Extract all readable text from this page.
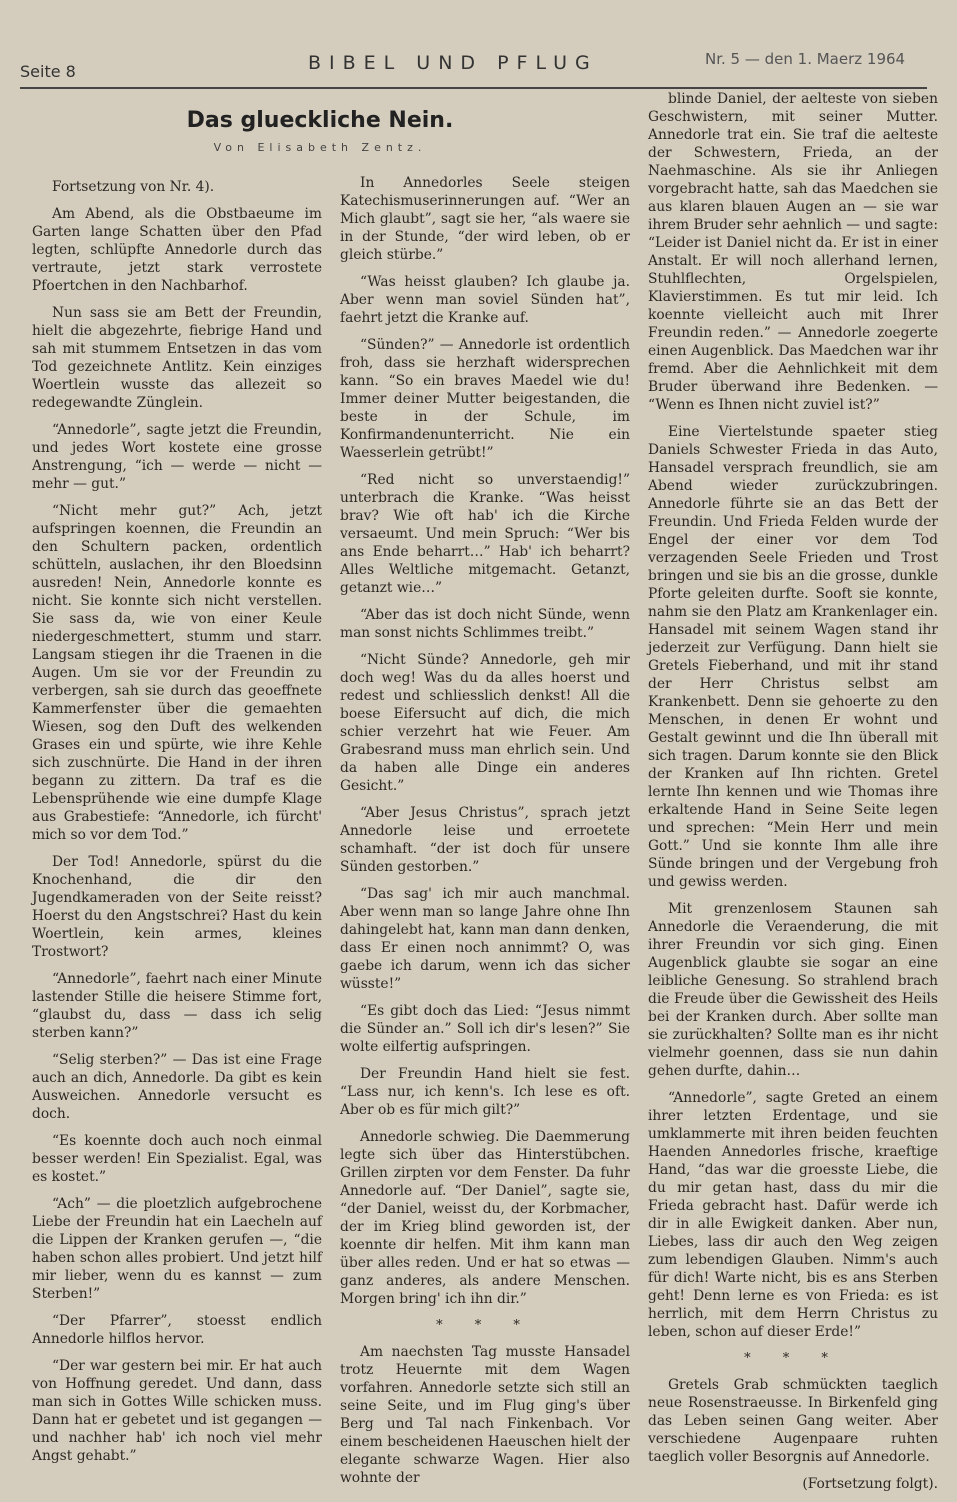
Seite 8	BIBEL UND PFLUG	Nr. 5 — den 1. Maerz 1964
Das glueckliche Nein.
Von Elisabeth Zentz.

Fortsetzung von Nr. 4).

Am Abend, als die Obstbaeume im Garten lange Schatten über den Pfad legten, schlüpfte Annedorle durch das vertraute, jetzt stark verrostete Pfoertchen in den Nachbarhof.

Nun sass sie am Bett der Freundin, hielt die abgezehrte, fiebrige Hand und sah mit stummem Entsetzen in das vom Tod gezeichnete Antlitz. Kein einziges Woertlein wusste das allezeit so redegewandte Zünglein.

“Annedorle”, sagte jetzt die Freundin, und jedes Wort kostete eine grosse Anstrengung, “ich — werde — nicht — mehr — gut.”

“Nicht mehr gut?” Ach, jetzt aufspringen koennen, die Freundin an den Schultern packen, ordentlich schütteln, auslachen, ihr den Bloedsinn ausreden! Nein, Annedorle konnte es nicht. Sie konnte sich nicht verstellen. Sie sass da, wie von einer Keule niedergeschmettert, stumm und starr. Langsam stiegen ihr die Traenen in die Augen. Um sie vor der Freundin zu verbergen, sah sie durch das geoeffnete Kammerfenster über die gemaehten Wiesen, sog den Duft des welkenden Grases ein und spürte, wie ihre Kehle sich zuschnürte. Die Hand in der ihren begann zu zittern. Da traf es die Lebensprühende wie eine dumpfe Klage aus Grabestiefe: “Annedorle, ich fürcht' mich so vor dem Tod.”

Der Tod! Annedorle, spürst du die Knochenhand, die dir den Jugendkameraden von der Seite reisst? Hoerst du den Angstschrei? Hast du kein Woertlein, kein armes, kleines Trostwort?

“Annedorle”, faehrt nach einer Minute lastender Stille die heisere Stimme fort, “glaubst du, dass — dass ich selig sterben kann?”

“Selig sterben?” — Das ist eine Frage auch an dich, Annedorle. Da gibt es kein Ausweichen. Annedorle versucht es doch.

“Es koennte doch auch noch einmal besser werden! Ein Spezialist. Egal, was es kostet.”

“Ach” — die ploetzlich aufgebrochene Liebe der Freundin hat ein Laecheln auf die Lippen der Kranken gerufen —, “die haben schon alles probiert. Und jetzt hilf mir lieber, wenn du es kannst — zum Sterben!”

“Der Pfarrer”, stoesst endlich Annedorle hilflos hervor.

“Der war gestern bei mir. Er hat auch von Hoffnung geredet. Und dann, dass man sich in Gottes Wille schicken muss. Dann hat er gebetet und ist gegangen — und nachher hab' ich noch viel mehr Angst gehabt.”

In Annedorles Seele steigen Katechismuserinnerungen auf. “Wer an Mich glaubt”, sagt sie her, “als waere sie in der Stunde, “der wird leben, ob er gleich stürbe.”

“Was heisst glauben? Ich glaube ja. Aber wenn man soviel Sünden hat”, faehrt jetzt die Kranke auf.

“Sünden?” — Annedorle ist ordentlich froh, dass sie herzhaft widersprechen kann. “So ein braves Maedel wie du! Immer deiner Mutter beigestanden, die beste in der Schule, im Konfirmandenunterricht. Nie ein Waesserlein getrübt!”

“Red nicht so unverstaendig!” unterbrach die Kranke. “Was heisst brav? Wie oft hab' ich die Kirche versaeumt. Und mein Spruch: “Wer bis ans Ende beharrt…” Hab' ich beharrt? Alles Weltliche mitgemacht. Getanzt, getanzt wie…”

“Aber das ist doch nicht Sünde, wenn man sonst nichts Schlimmes treibt.”

“Nicht Sünde? Annedorle, geh mir doch weg! Was du da alles hoerst und redest und schliesslich denkst! All die boese Eifersucht auf dich, die mich schier verzehrt hat wie Feuer. Am Grabesrand muss man ehrlich sein. Und da haben alle Dinge ein anderes Gesicht.”

“Aber Jesus Christus”, sprach jetzt Annedorle leise und erroetete schamhaft. “der ist doch für unsere Sünden gestorben.”

“Das sag' ich mir auch manchmal. Aber wenn man so lange Jahre ohne Ihn dahingelebt hat, kann man dann denken, dass Er einen noch annimmt? O, was gaebe ich darum, wenn ich das sicher wüsste!”

“Es gibt doch das Lied: “Jesus nimmt die Sünder an.” Soll ich dir's lesen?” Sie wolte eilfertig aufspringen.

Der Freundin Hand hielt sie fest. “Lass nur, ich kenn's. Ich lese es oft. Aber ob es für mich gilt?”

Annedorle schwieg. Die Daemmerung legte sich über das Hinterstübchen. Grillen zirpten vor dem Fenster. Da fuhr Annedorle auf. “Der Daniel”, sagte sie, “der Daniel, weisst du, der Korbmacher, der im Krieg blind geworden ist, der koennte dir helfen. Mit ihm kann man über alles reden. Und er hat so etwas — ganz anderes, als andere Menschen. Morgen bring' ich ihn dir.”

* * *

Am naechsten Tag musste Hansadel trotz Heuernte mit dem Wagen vorfahren. Annedorle setzte sich still an seine Seite, und im Flug ging's über Berg und Tal nach Finkenbach. Vor einem bescheidenen Haeuschen hielt der elegante schwarze Wagen. Hier also wohnte der

blinde Daniel, der aelteste von sieben Geschwistern, mit seiner Mutter. Annedorle trat ein. Sie traf die aelteste der Schwestern, Frieda, an der Naehmaschine. Als sie ihr Anliegen vorgebracht hatte, sah das Maedchen sie aus klaren blauen Augen an — sie war ihrem Bruder sehr aehnlich — und sagte: “Leider ist Daniel nicht da. Er ist in einer Anstalt. Er will noch allerhand lernen, Stuhlflechten, Orgelspielen, Klavierstimmen. Es tut mir leid. Ich koennte vielleicht auch mit Ihrer Freundin reden.” — Annedorle zoegerte einen Augenblick. Das Maedchen war ihr fremd. Aber die Aehnlichkeit mit dem Bruder überwand ihre Bedenken. — “Wenn es Ihnen nicht zuviel ist?”

Eine Viertelstunde spaeter stieg Daniels Schwester Frieda in das Auto, Hansadel versprach freundlich, sie am Abend wieder zurückzubringen. Annedorle führte sie an das Bett der Freundin. Und Frieda Felden wurde der Engel der einer vor dem Tod verzagenden Seele Frieden und Trost bringen und sie bis an die grosse, dunkle Pforte geleiten durfte. Sooft sie konnte, nahm sie den Platz am Krankenlager ein. Hansadel mit seinem Wagen stand ihr jederzeit zur Verfügung. Dann hielt sie Gretels Fieberhand, und mit ihr stand der Herr Christus selbst am Krankenbett. Denn sie gehoerte zu den Menschen, in denen Er wohnt und Gestalt gewinnt und die Ihn überall mit sich tragen. Darum konnte sie den Blick der Kranken auf Ihn richten. Gretel lernte Ihn kennen und wie Thomas ihre erkaltende Hand in Seine Seite legen und sprechen: “Mein Herr und mein Gott.” Und sie konnte Ihm alle ihre Sünde bringen und der Vergebung froh und gewiss werden.

Mit grenzenlosem Staunen sah Annedorle die Veraenderung, die mit ihrer Freundin vor sich ging. Einen Augenblick glaubte sie sogar an eine leibliche Genesung. So strahlend brach die Freude über die Gewissheit des Heils bei der Kranken durch. Aber sollte man sie zurückhalten? Sollte man es ihr nicht vielmehr goennen, dass sie nun dahin gehen durfte, dahin…

“Annedorle”, sagte Greted an einem ihrer letzten Erdentage, und sie umklammerte mit ihren beiden feuchten Haenden Annedorles frische, kraeftige Hand, “das war die groesste Liebe, die du mir getan hast, dass du mir die Frieda gebracht hast. Dafür werde ich dir in alle Ewigkeit danken. Aber nun, Liebes, lass dir auch den Weg zeigen zum lebendigen Glauben. Nimm's auch für dich! Warte nicht, bis es ans Sterben geht! Denn lerne es von Frieda: es ist herrlich, mit dem Herrn Christus zu leben, schon auf dieser Erde!”

* * *

Gretels Grab schmückten taeglich neue Rosenstraeusse. In Birkenfeld ging das Leben seinen Gang weiter. Aber verschiedene Augenpaare ruhten taeglich voller Besorgnis auf Annedorle.

(Fortsetzung folgt).
